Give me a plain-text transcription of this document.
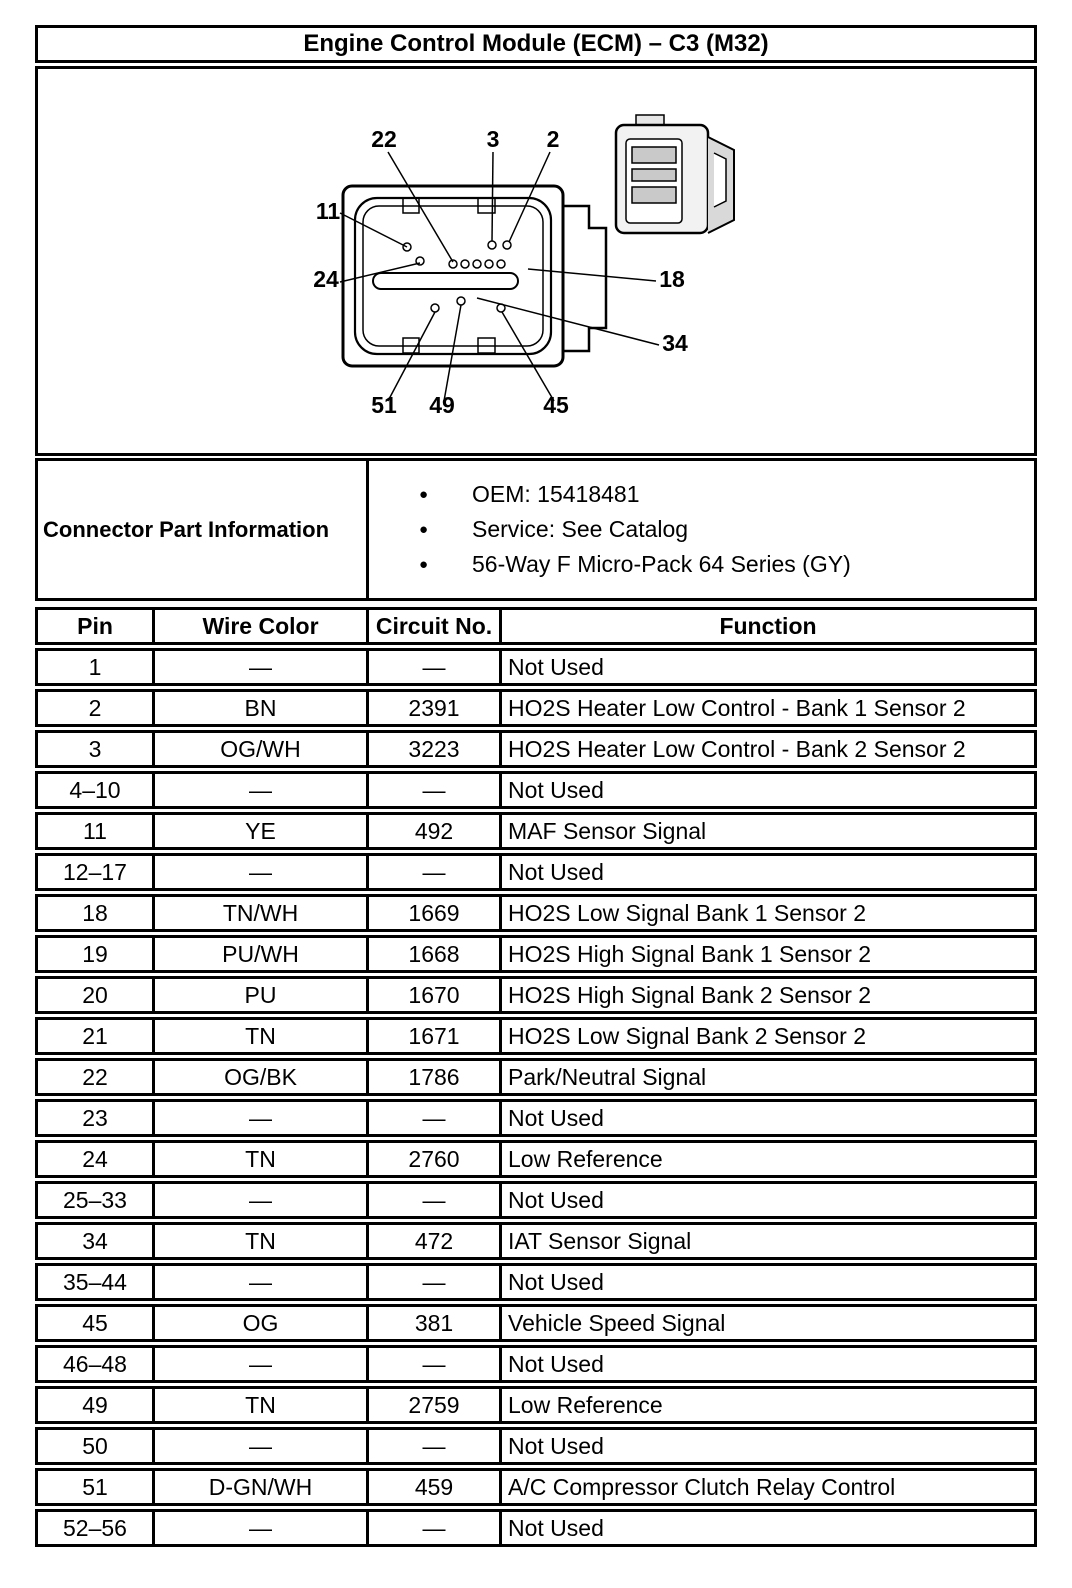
Engine Control Module (ECM) – C3 (M32)
22	3 2
11
24	18
34
51 49	45
Connector Part Information
●	OEM: 15418481
●	Service: See Catalog
●	56-Way F Micro-Pack 64 Series (GY)
Pin	Wire Color	Circuit No.	Function
1	—	—	Not Used
2	BN	2391	HO2S Heater Low Control - Bank 1 Sensor 2
3	OG/WH	3223	HO2S Heater Low Control - Bank 2 Sensor 2
4–10	—	—	Not Used
11	YE	492	MAF Sensor Signal
12–17	—	—	Not Used
18	TN/WH	1669	HO2S Low Signal Bank 1 Sensor 2
19	PU/WH	1668	HO2S High Signal Bank 1 Sensor 2
20	PU	1670	HO2S High Signal Bank 2 Sensor 2
21	TN	1671	HO2S Low Signal Bank 2 Sensor 2
22	OG/BK	1786	Park/Neutral Signal
23	—	—	Not Used
24	TN	2760	Low Reference
25–33	—	—	Not Used
34	TN	472	IAT Sensor Signal
35–44	—	—	Not Used
45	OG	381	Vehicle Speed Signal
46–48	—	—	Not Used
49	TN	2759	Low Reference
50	—	—	Not Used
51	D-GN/WH	459	A/C Compressor Clutch Relay Control
52–56	—	—	Not Used
